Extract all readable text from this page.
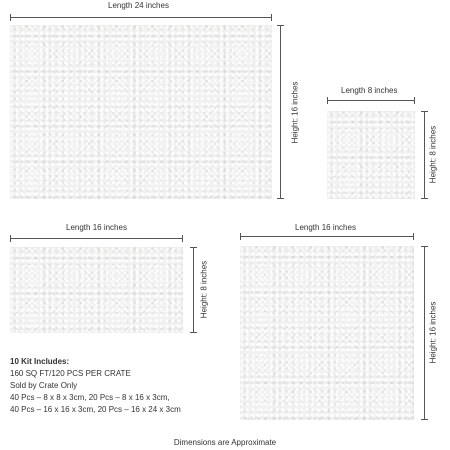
Length 24 inches
Height: 16 inches	Length 8 inches
Height: 8 inches
Length 16 inches
Height: 8 inches
Length 16 inches
Height: 16 inches
10 Kit Includes:
160 SQ FT/120 PCS PER CRATE
Sold by Crate Only
40 Pcs – 8 x 8 x 3cm, 20 Pcs – 8 x 16 x 3cm,
40 Pcs – 16 x 16 x 3cm, 20 Pcs – 16 x 24 x 3cm
Dimensions are Approximate
